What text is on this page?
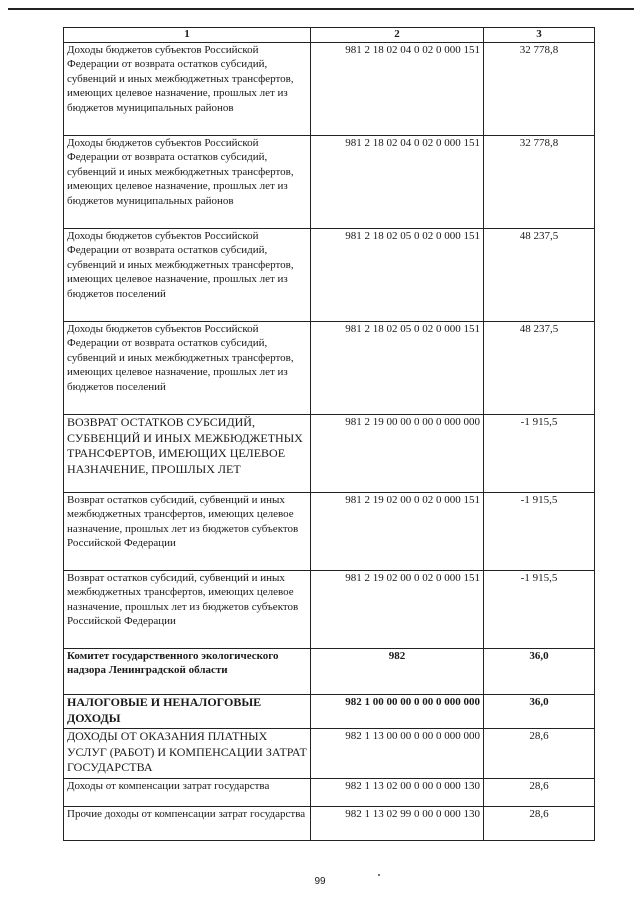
1	2	3
Доходы бюджетов субъектов Российской Федерации от возврата остатков субсидий, субвенций и иных межбюджетных трансфертов, имеющих целевое назначение, прошлых лет из бюджетов муниципальных районов	981 2 18 02 04 0 02 0 000 151	32 778,8
Доходы бюджетов субъектов Российской Федерации от возврата остатков субсидий, субвенций и иных межбюджетных трансфертов, имеющих целевое назначение, прошлых лет из бюджетов муниципальных районов	981 2 18 02 04 0 02 0 000 151	32 778,8
Доходы бюджетов субъектов Российской Федерации от возврата остатков субсидий, субвенций и иных межбюджетных трансфертов, имеющих целевое назначение, прошлых лет из бюджетов поселений	981 2 18 02 05 0 02 0 000 151	48 237,5
Доходы бюджетов субъектов Российской Федерации от возврата остатков субсидий, субвенций и иных межбюджетных трансфертов, имеющих целевое назначение, прошлых лет из бюджетов поселений	981 2 18 02 05 0 02 0 000 151	48 237,5
ВОЗВРАТ ОСТАТКОВ СУБСИДИЙ, СУБВЕНЦИЙ И ИНЫХ МЕЖБЮДЖЕТНЫХ ТРАНСФЕРТОВ, ИМЕЮЩИХ ЦЕЛЕВОЕ НАЗНАЧЕНИЕ, ПРОШЛЫХ ЛЕТ	981 2 19 00 00 0 00 0 000 000	-1 915,5
Возврат остатков субсидий, субвенций и иных межбюджетных трансфертов, имеющих целевое назначение, прошлых лет из бюджетов субъектов Российской Федерации	981 2 19 02 00 0 02 0 000 151	-1 915,5
Возврат остатков субсидий, субвенций и иных межбюджетных трансфертов, имеющих целевое назначение, прошлых лет из бюджетов субъектов Российской Федерации	981 2 19 02 00 0 02 0 000 151	-1 915,5
Комитет государственного экологического надзора Ленинградской области	982	36,0
НАЛОГОВЫЕ И НЕНАЛОГОВЫЕ ДОХОДЫ	982 1 00 00 00 0 00 0 000 000	36,0
ДОХОДЫ ОТ ОКАЗАНИЯ ПЛАТНЫХ УСЛУГ (РАБОТ) И КОМПЕНСАЦИИ ЗАТРАТ ГОСУДАРСТВА	982 1 13 00 00 0 00 0 000 000	28,6
Доходы от компенсации затрат государства	982 1 13 02 00 0 00 0 000 130	28,6
Прочие доходы от компенсации затрат государства	982 1 13 02 99 0 00 0 000 130	28,6
99
